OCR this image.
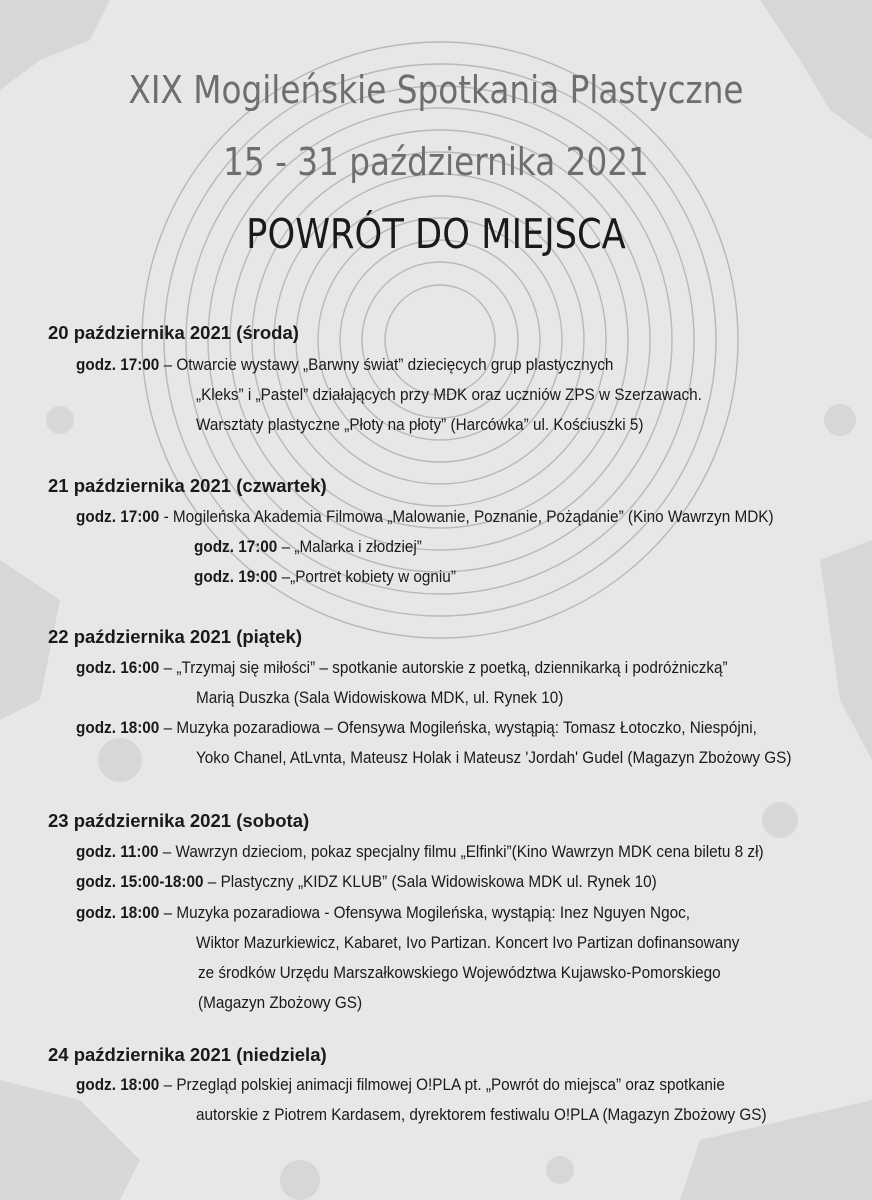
XIX Mogileńskie Spotkania Plastyczne
15 - 31 października 2021
POWRÓT DO MIEJSCA
20 października 2021 (środa)
godz. 17:00 – Otwarcie wystawy „Barwny świat” dziecięcych grup plastycznych
„Kleks” i „Pastel” działających przy MDK oraz uczniów ZPS w Szerzawach.
Warsztaty plastyczne „Płoty na płoty” (Harcówka” ul. Kościuszki 5)
21 października 2021 (czwartek)
godz. 17:00 - Mogileńska Akademia Filmowa „Malowanie, Poznanie, Pożądanie” (Kino Wawrzyn MDK)
godz. 17:00 – „Malarka i złodziej”
godz. 19:00 –„Portret kobiety w ogniu”
22 października 2021 (piątek)
godz. 16:00 – „Trzymaj się miłości” – spotkanie autorskie z poetką, dziennikarką i podróżniczką”
Marią Duszka (Sala Widowiskowa MDK, ul. Rynek 10)
godz. 18:00 – Muzyka pozaradiowa – Ofensywa Mogileńska, wystąpią: Tomasz Łotoczko, Niespójni,
Yoko Chanel, AtLvnta, Mateusz Holak i Mateusz 'Jordah' Gudel (Magazyn Zbożowy GS)
23 października 2021 (sobota)
godz. 11:00 – Wawrzyn dzieciom, pokaz specjalny filmu „Elfinki”(Kino Wawrzyn MDK cena biletu 8 zł)
godz. 15:00-18:00 – Plastyczny „KIDZ KLUB” (Sala Widowiskowa MDK ul. Rynek 10)
godz. 18:00 – Muzyka pozaradiowa - Ofensywa Mogileńska, wystąpią: Inez Nguyen Ngoc,
Wiktor Mazurkiewicz, Kabaret, Ivo Partizan. Koncert Ivo Partizan dofinansowany
ze środków Urzędu Marszałkowskiego Województwa Kujawsko-Pomorskiego
(Magazyn Zbożowy GS)
24 października 2021 (niedziela)
godz. 18:00 – Przegląd polskiej animacji filmowej O!PLA pt. „Powrót do miejsca” oraz spotkanie
autorskie z Piotrem Kardasem, dyrektorem festiwalu O!PLA (Magazyn Zbożowy GS)
